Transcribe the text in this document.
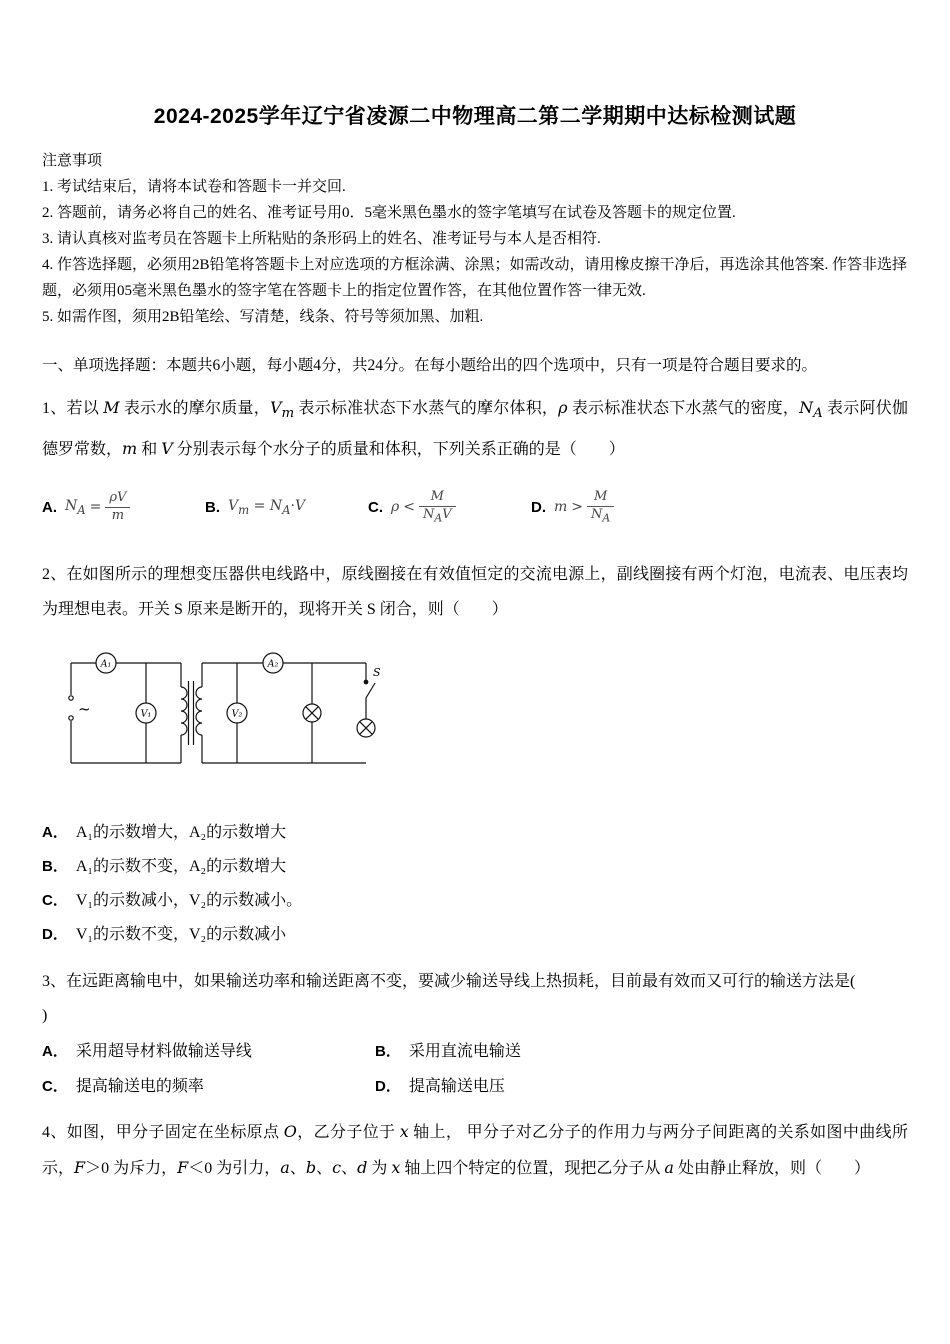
2024-2025学年辽宁省凌源二中物理高二第二学期期中达标检测试题

注意事项

1. 考试结束后，请将本试卷和答题卡一并交回.

2. 答题前，请务必将自己的姓名、准考证号用0．5毫米黑色墨水的签字笔填写在试卷及答题卡的规定位置.

3. 请认真核对监考员在答题卡上所粘贴的条形码上的姓名、准考证号与本人是否相符.

4. 作答选择题，必须用2B铅笔将答题卡上对应选项的方框涂满、涂黑；如需改动，请用橡皮擦干净后，再选涂其他答案. 作答非选择题，必须用05毫米黑色墨水的签字笔在答题卡上的指定位置作答，在其他位置作答一律无效.

5. 如需作图，须用2B铅笔绘、写清楚，线条、符号等须加黑、加粗.

一、单项选择题：本题共6小题，每小题4分，共24分。在每小题给出的四个选项中，只有一项是符合题目要求的。

1、若以 M 表示水的摩尔质量，$V_m$ 表示标准状态下水蒸气的摩尔体积，ρ 表示标准状态下水蒸气的密度，$N_A$ 表示阿伏伽德罗常数，m 和 V 分别表示每个水分子的质量和体积，下列关系正确的是（　　）

A. $N_A = \frac{\rho V}{m}$	B. $V_m = N_A\cdot V$	C. $\rho < \frac{M}{N_AV}$	D. $m > \frac{M}{N_A}$

2、在如图所示的理想变压器供电线路中，原线圈接在有效值恒定的交流电源上，副线圈接有两个灯泡，电流表、电压表均为理想电表。开关 S 原来是断开的，现将开关 S 闭合，则（　　）

~
A₁
V₁
A₂
V₂
S

A． A₁的示数增大，A₂的示数增大

B． A₁的示数不变，A₂的示数增大

C． V₁的示数减小，V₂的示数减小。

D． V₁的示数不变，V₂的示数减小

3、在远距离输电中，如果输送功率和输送距离不变，要减少输送导线上热损耗，目前最有效而又可行的输送方法是(

)

A． 采用超导材料做输送导线	B． 采用直流电输送

C． 提高输送电的频率	D． 提高输送电压

4、如图，甲分子固定在坐标原点 O，乙分子位于 x 轴上， 甲分子对乙分子的作用力与两分子间距离的关系如图中曲线所示，F＞0 为斥力，F＜0 为引力，a、b、c、d 为 x 轴上四个特定的位置，现把乙分子从 a 处由静止释放，则（　　）
